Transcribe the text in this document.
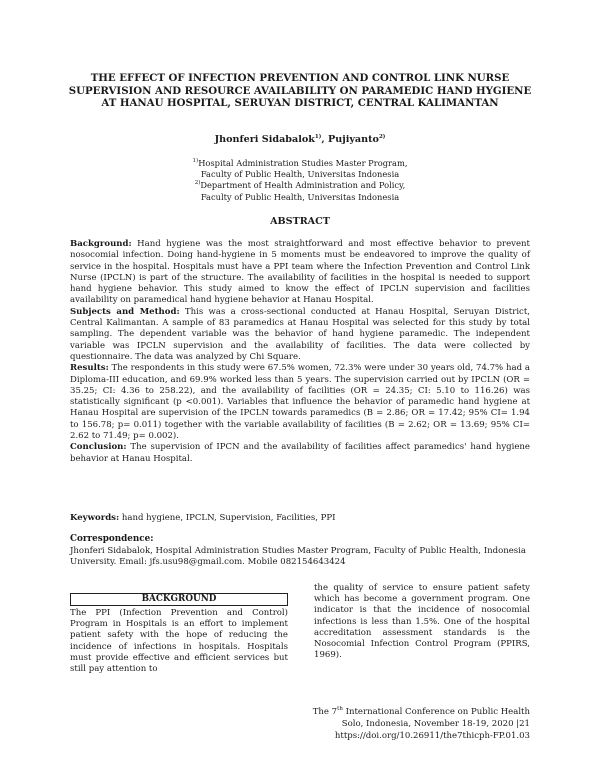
THE EFFECT OF INFECTION PREVENTION AND CONTROL LINK NURSE SUPERVISION AND RESOURCE AVAILABILITY ON PARAMEDIC HAND HYGIENE AT HANAU HOSPITAL, SERUYAN DISTRICT, CENTRAL KALIMANTAN
Jhonferi Sidabalok$^{1)}$, Pujiyanto$^{2)}$
$^{1)}$Hospital Administration Studies Master Program,
Faculty of Public Health, Universitas Indonesia
$^{2)}$Department of Health Administration and Policy,
Faculty of Public Health, Universitas Indonesia
ABSTRACT

Background: Hand hygiene was the most straightforward and most effective behavior to prevent nosocomial infection. Doing hand-hygiene in 5 moments must be endeavored to improve the quality of service in the hospital. Hospitals must have a PPI team where the Infection Prevention and Control Link Nurse (IPCLN) is part of the structure. The availability of facilities in the hospital is needed to support hand hygiene behavior. This study aimed to know the effect of IPCLN supervision and facilities availability on paramedical hand hygiene behavior at Hanau Hospital.

Subjects and Method: This was a cross-sectional conducted at Hanau Hospital, Seruyan District, Central Kalimantan. A sample of 83 paramedics at Hanau Hospital was selected for this study by total sampling. The dependent variable was the behavior of hand hygiene paramedic. The independent variable was IPCLN supervision and the availability of facilities. The data were collected by questionnaire. The data was analyzed by Chi Square.

Results: The respondents in this study were 67.5% women, 72.3% were under 30 years old, 74.7% had a Diploma-III education, and 69.9% worked less than 5 years. The supervision carried out by IPCLN (OR = 35.25; CI: 4.36 to 258.22), and the availability of facilities (OR = 24.35; CI: 5.10 to 116.26) was statistically significant (p <0.001). Variables that influence the behavior of paramedic hand hygiene at Hanau Hospital are supervision of the IPCLN towards paramedics (B = 2.86; OR = 17.42; 95% CI= 1.94 to 156.78; p= 0.011) together with the variable availability of facilities (B = 2.62; OR = 13.69; 95% CI= 2.62 to 71.49; p= 0.002).

Conclusion: The supervision of IPCN and the availability of facilities affect paramedics' hand hygiene behavior at Hanau Hospital.

Keywords: hand hygiene, IPCLN, Supervision, Facilities, PPI
Correspondence:
Jhonferi Sidabalok, Hospital Administration Studies Master Program, Faculty of Public Health, Indonesia University. Email: jfs.usu98@gmail.com. Mobile 082154643424
BACKGROUND
The PPI (Infection Prevention and Control) Program in Hospitals is an effort to implement patient safety with the hope of reducing the incidence of infections in hospitals. Hospitals must provide effective and efficient services but still pay attention to
the quality of service to ensure patient safety which has become a government program. One indicator is that the incidence of nosocomial infections is less than 1.5%. One of the hospital accreditation assessment standards is the Nosocomial Infection Control Program (PPIRS, 1969).
The 7th International Conference on Public Health
Solo, Indonesia, November 18-19, 2020 |21
https://doi.org/10.26911/the7thicph-FP.01.03
